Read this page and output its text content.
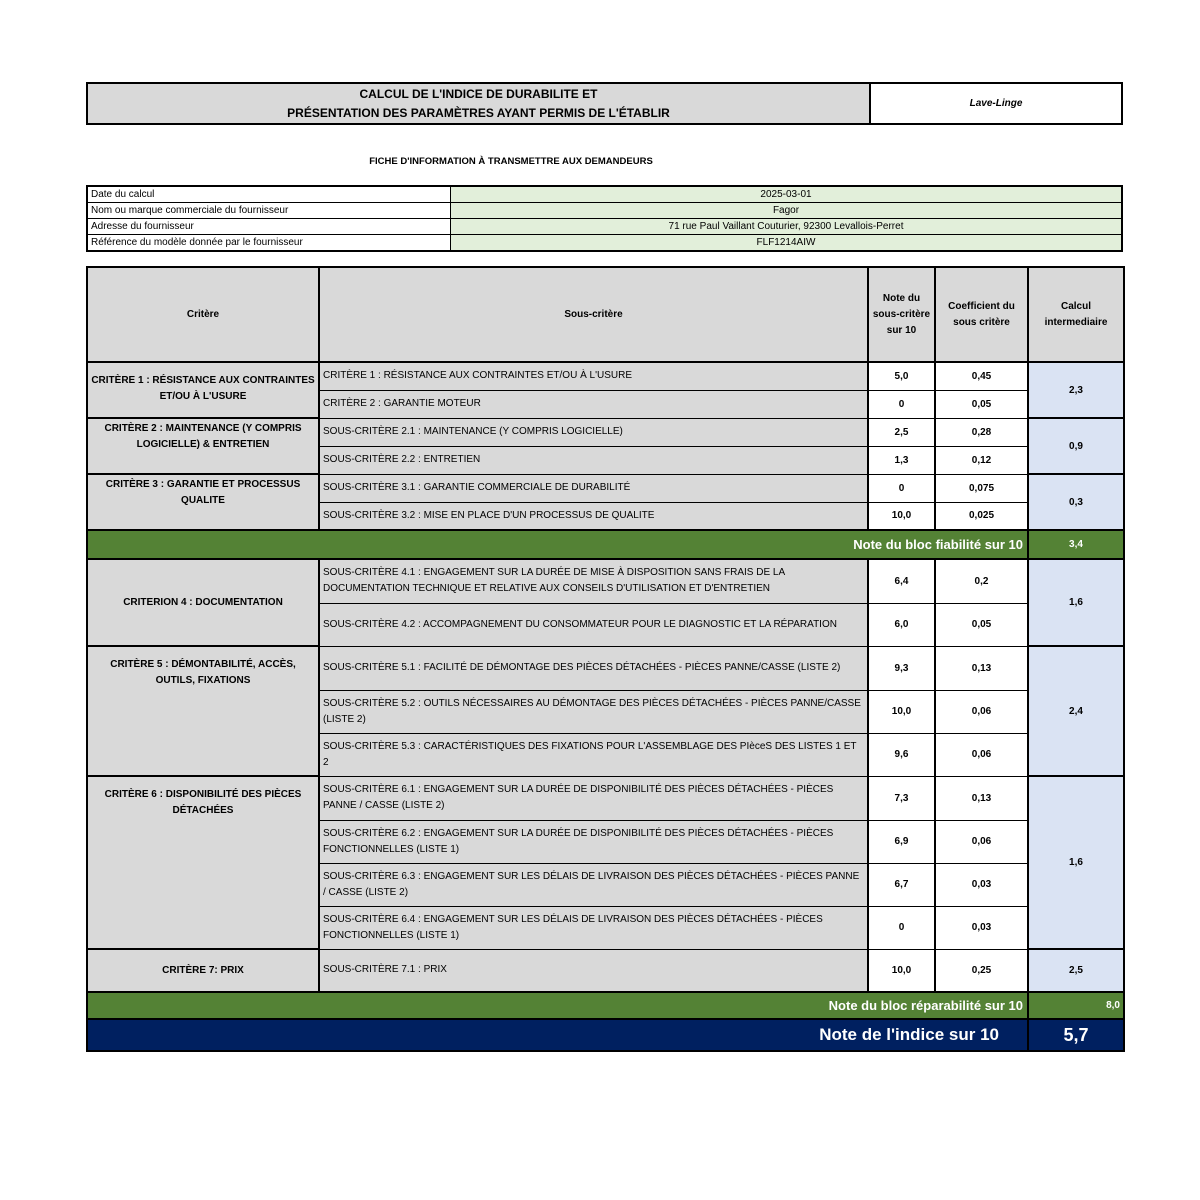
CALCUL DE L'INDICE DE DURABILITE ET
PRÉSENTATION DES PARAMÈTRES AYANT PERMIS DE L'ÉTABLIR
Lave-Linge
FICHE D'INFORMATION À TRANSMETTRE AUX DEMANDEURS
Date du calcul	2025-03-01
Nom ou marque commerciale du fournisseur	Fagor
Adresse du fournisseur	71 rue Paul Vaillant Couturier, 92300 Levallois-Perret
Référence du modèle donnée par le fournisseur	FLF1214AIW
Critère	Sous-critère	Note du sous-critère sur 10	Coefficient du sous critère	Calcul intermediaire
CRITÈRE 1 : RÉSISTANCE AUX CONTRAINTES ET/OU À L'USURE	CRITÈRE 1 : RÉSISTANCE AUX CONTRAINTES ET/OU À L'USURE	5,0	0,45	2,3
	CRITÈRE 2 : GARANTIE MOTEUR	0	0,05	
CRITÈRE 2 : MAINTENANCE (Y COMPRIS LOGICIELLE) & ENTRETIEN	SOUS-CRITÈRE 2.1 : MAINTENANCE (Y COMPRIS LOGICIELLE)	2,5	0,28	0,9
	SOUS-CRITÈRE 2.2 : ENTRETIEN	1,3	0,12	
CRITÈRE 3 : GARANTIE ET PROCESSUS QUALITE	SOUS-CRITÈRE 3.1 : GARANTIE COMMERCIALE DE DURABILITÉ	0	0,075	0,3
	SOUS-CRITÈRE 3.2 : MISE EN PLACE D'UN PROCESSUS DE QUALITE	10,0	0,025	
Note du bloc fiabilité sur 10				3,4
CRITERION 4 : DOCUMENTATION	SOUS-CRITÈRE 4.1 : ENGAGEMENT SUR LA DURÉE DE MISE À DISPOSITION SANS FRAIS DE LA DOCUMENTATION TECHNIQUE ET RELATIVE AUX CONSEILS D'UTILISATION ET D'ENTRETIEN	6,4	0,2	1,6
	SOUS-CRITÈRE 4.2 : ACCOMPAGNEMENT DU CONSOMMATEUR POUR LE DIAGNOSTIC ET LA RÉPARATION	6,0	0,05	
CRITÈRE 5 : DÉMONTABILITÉ, ACCÈS, OUTILS, FIXATIONS	SOUS-CRITÈRE 5.1 : FACILITÉ DE DÉMONTAGE DES PIÈCES DÉTACHÉES - PIÈCES PANNE/CASSE (LISTE 2)	9,3	0,13	2,4
	SOUS-CRITÈRE 5.2 : OUTILS NÉCESSAIRES AU DÉMONTAGE DES PIÈCES DÉTACHÉES - PIÈCES PANNE/CASSE (LISTE 2)	10,0	0,06	
	SOUS-CRITÈRE 5.3 : CARACTÉRISTIQUES DES FIXATIONS POUR L'ASSEMBLAGE DES PIèceS DES LISTES 1 ET 2	9,6	0,06	
CRITÈRE 6 : DISPONIBILITÉ DES PIÈCES DÉTACHÉES	SOUS-CRITÈRE 6.1 : ENGAGEMENT SUR LA DURÉE DE DISPONIBILITÉ DES PIÈCES DÉTACHÉES - PIÈCES PANNE / CASSE (LISTE 2)	7,3	0,13	1,6
	SOUS-CRITÈRE 6.2 : ENGAGEMENT SUR LA DURÉE DE DISPONIBILITÉ DES PIÈCES DÉTACHÉES - PIÈCES FONCTIONNELLES (LISTE 1)	6,9	0,06	
	SOUS-CRITÈRE 6.3 : ENGAGEMENT SUR LES DÉLAIS DE LIVRAISON DES PIÈCES DÉTACHÉES - PIÈCES PANNE / CASSE (LISTE 2)	6,7	0,03	
	SOUS-CRITÈRE 6.4 : ENGAGEMENT SUR LES DÉLAIS DE LIVRAISON DES PIÈCES DÉTACHÉES - PIÈCES FONCTIONNELLES (LISTE 1)	0	0,03	
CRITÈRE 7: PRIX	SOUS-CRITÈRE 7.1 : PRIX	10,0	0,25	2,5
Note du bloc réparabilité sur 10				8,0
Note de l'indice sur 10				5,7
